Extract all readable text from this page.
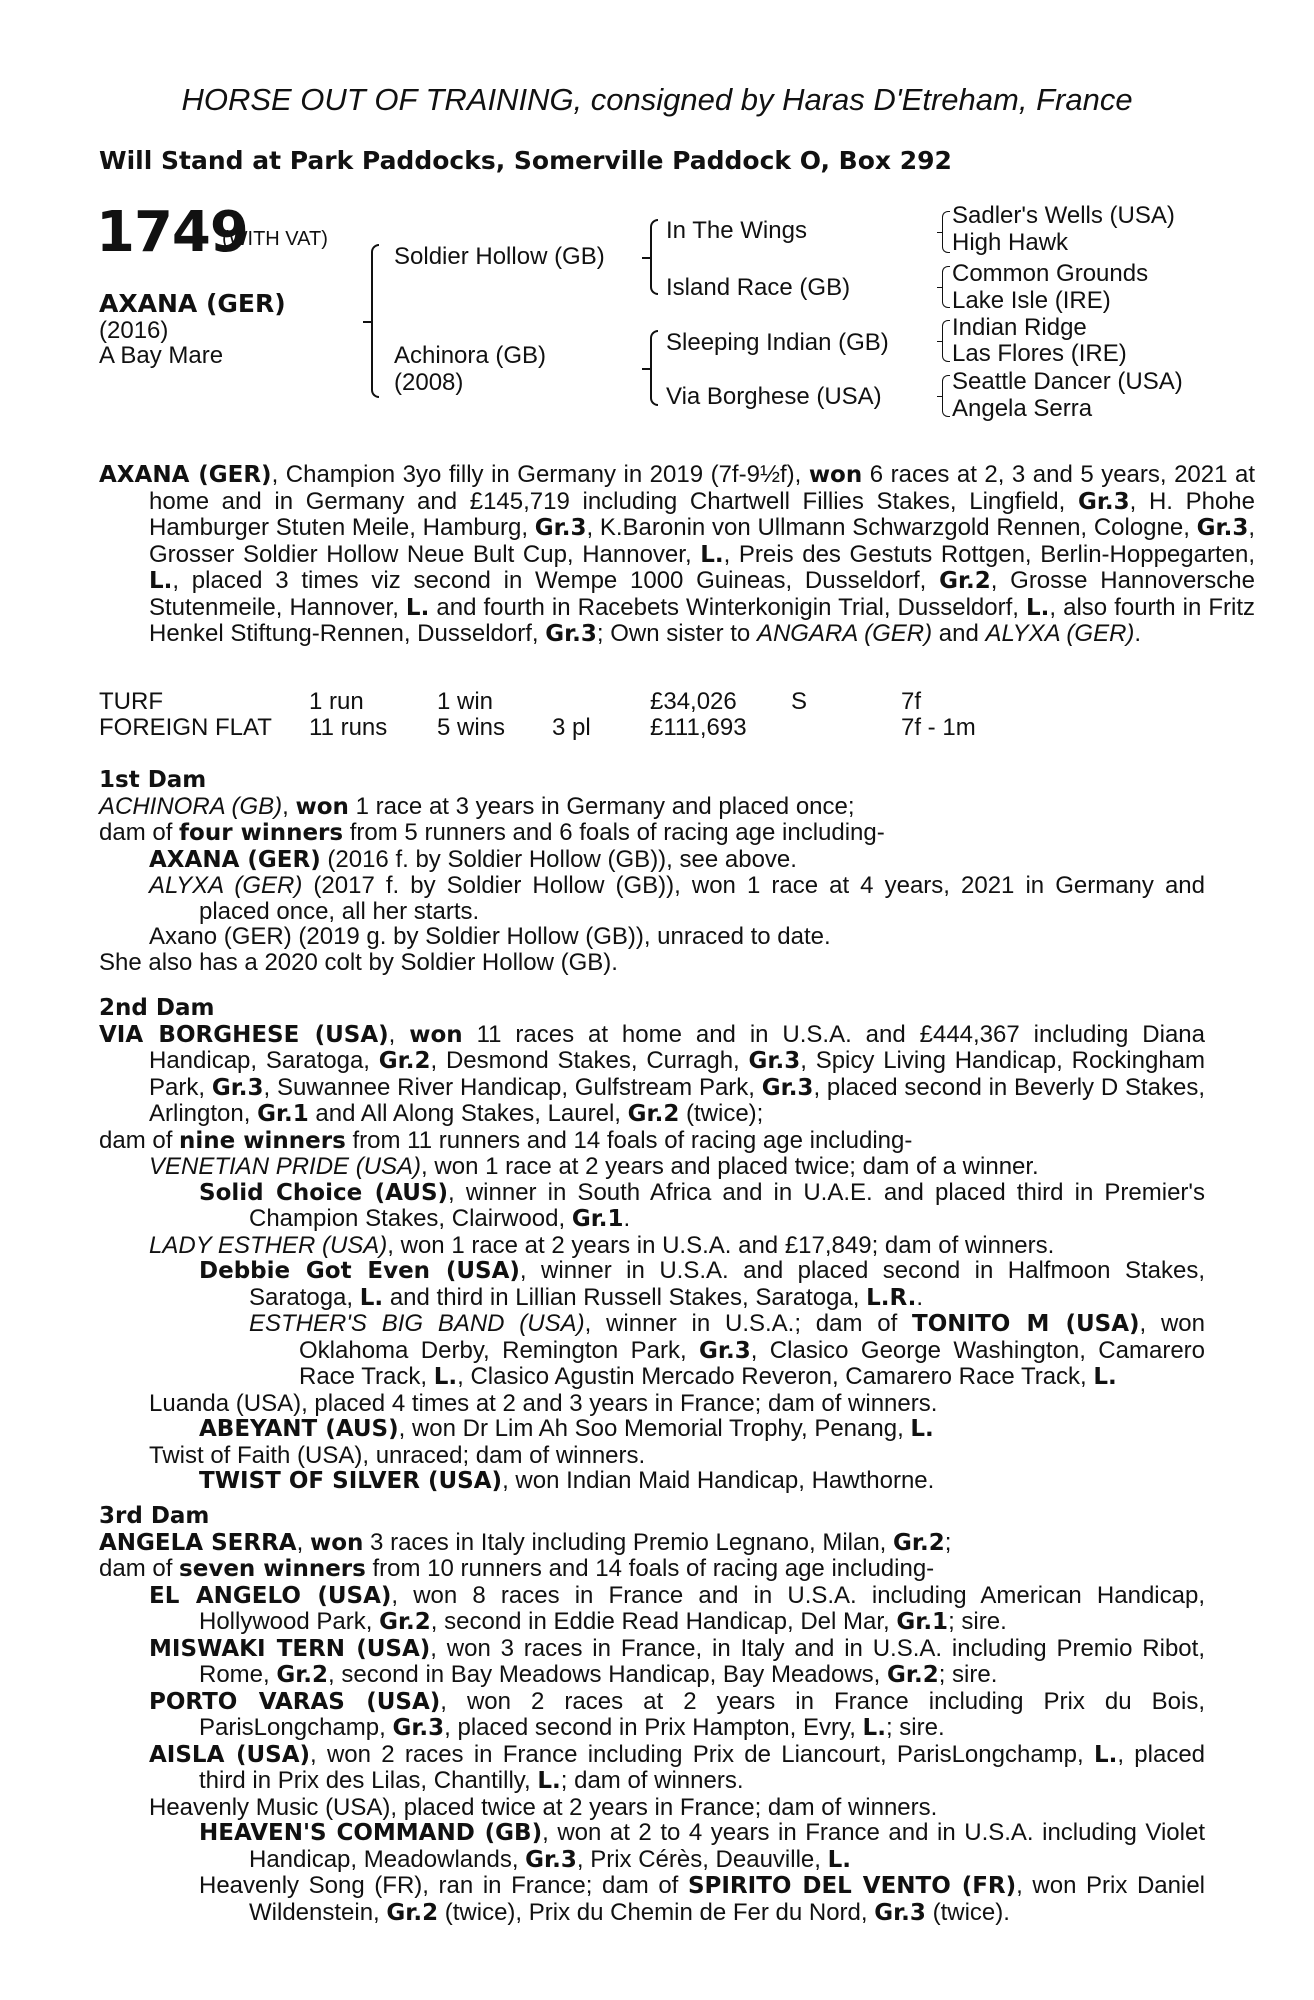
HORSE OUT OF TRAINING, consigned by Haras D'Etreham, France
Will Stand at Park Paddocks, Somerville Paddock O, Box 292
1749
(WITH VAT)
AXANA (GER)
(2016)
A Bay Mare
Soldier Hollow (GB)
Achinora (GB)
(2008)
In The Wings
Island Race (GB)
Sleeping Indian (GB)
Via Borghese (USA)
Sadler's Wells (USA)
High Hawk
Common Grounds
Lake Isle (IRE)
Indian Ridge
Las Flores (IRE)
Seattle Dancer (USA)
Angela Serra
AXANA (GER), Champion 3yo filly in Germany in 2019 (7f-9½f), won 6 races at 2, 3 and 5 years, 2021 at home and in Germany and £145,719 including Chartwell Fillies Stakes, Lingfield, Gr.3, H. Phohe Hamburger Stuten Meile, Hamburg, Gr.3, K.Baronin von Ullmann Schwarzgold Rennen, Cologne, Gr.3, Grosser Soldier Hollow Neue Bult Cup, Hannover, L., Preis des Gestuts Rottgen, Berlin-Hoppegarten, L., placed 3 times viz second in Wempe 1000 Guineas, Dusseldorf, Gr.2, Grosse Hannoversche Stutenmeile, Hannover, L. and fourth in Racebets Winterkonigin Trial, Dusseldorf, L., also fourth in Fritz Henkel Stiftung-Rennen, Dusseldorf, Gr.3; Own sister to ANGARA (GER) and ALYXA (GER).
TURF	1 run	1 win		£34,026	S	7f
FOREIGN FLAT	11 runs	5 wins	3 pl	£111,693		7f - 1m
1st Dam
ACHINORA (GB), won 1 race at 3 years in Germany and placed once;
dam of four winners from 5 runners and 6 foals of racing age including-
AXANA (GER) (2016 f. by Soldier Hollow (GB)), see above.
ALYXA (GER) (2017 f. by Soldier Hollow (GB)), won 1 race at 4 years, 2021 in Germany and placed once, all her starts.
Axano (GER) (2019 g. by Soldier Hollow (GB)), unraced to date.
She also has a 2020 colt by Soldier Hollow (GB).
2nd Dam
VIA BORGHESE (USA), won 11 races at home and in U.S.A. and £444,367 including Diana Handicap, Saratoga, Gr.2, Desmond Stakes, Curragh, Gr.3, Spicy Living Handicap, Rockingham Park, Gr.3, Suwannee River Handicap, Gulfstream Park, Gr.3, placed second in Beverly D Stakes, Arlington, Gr.1 and All Along Stakes, Laurel, Gr.2 (twice);
dam of nine winners from 11 runners and 14 foals of racing age including-
VENETIAN PRIDE (USA), won 1 race at 2 years and placed twice; dam of a winner.
Solid Choice (AUS), winner in South Africa and in U.A.E. and placed third in Premier's Champion Stakes, Clairwood, Gr.1.
LADY ESTHER (USA), won 1 race at 2 years in U.S.A. and £17,849; dam of winners.
Debbie Got Even (USA), winner in U.S.A. and placed second in Halfmoon Stakes, Saratoga, L. and third in Lillian Russell Stakes, Saratoga, L.R..
ESTHER'S BIG BAND (USA), winner in U.S.A.; dam of TONITO M (USA), won Oklahoma Derby, Remington Park, Gr.3, Clasico George Washington, Camarero Race Track, L., Clasico Agustin Mercado Reveron, Camarero Race Track, L.
Luanda (USA), placed 4 times at 2 and 3 years in France; dam of winners.
ABEYANT (AUS), won Dr Lim Ah Soo Memorial Trophy, Penang, L.
Twist of Faith (USA), unraced; dam of winners.
TWIST OF SILVER (USA), won Indian Maid Handicap, Hawthorne.
3rd Dam
ANGELA SERRA, won 3 races in Italy including Premio Legnano, Milan, Gr.2;
dam of seven winners from 10 runners and 14 foals of racing age including-
EL ANGELO (USA), won 8 races in France and in U.S.A. including American Handicap, Hollywood Park, Gr.2, second in Eddie Read Handicap, Del Mar, Gr.1; sire.
MISWAKI TERN (USA), won 3 races in France, in Italy and in U.S.A. including Premio Ribot, Rome, Gr.2, second in Bay Meadows Handicap, Bay Meadows, Gr.2; sire.
PORTO VARAS (USA), won 2 races at 2 years in France including Prix du Bois, ParisLongchamp, Gr.3, placed second in Prix Hampton, Evry, L.; sire.
AISLA (USA), won 2 races in France including Prix de Liancourt, ParisLongchamp, L., placed third in Prix des Lilas, Chantilly, L.; dam of winners.
Heavenly Music (USA), placed twice at 2 years in France; dam of winners.
HEAVEN'S COMMAND (GB), won at 2 to 4 years in France and in U.S.A. including Violet Handicap, Meadowlands, Gr.3, Prix Cérès, Deauville, L.
Heavenly Song (FR), ran in France; dam of SPIRITO DEL VENTO (FR), won Prix Daniel Wildenstein, Gr.2 (twice), Prix du Chemin de Fer du Nord, Gr.3 (twice).
